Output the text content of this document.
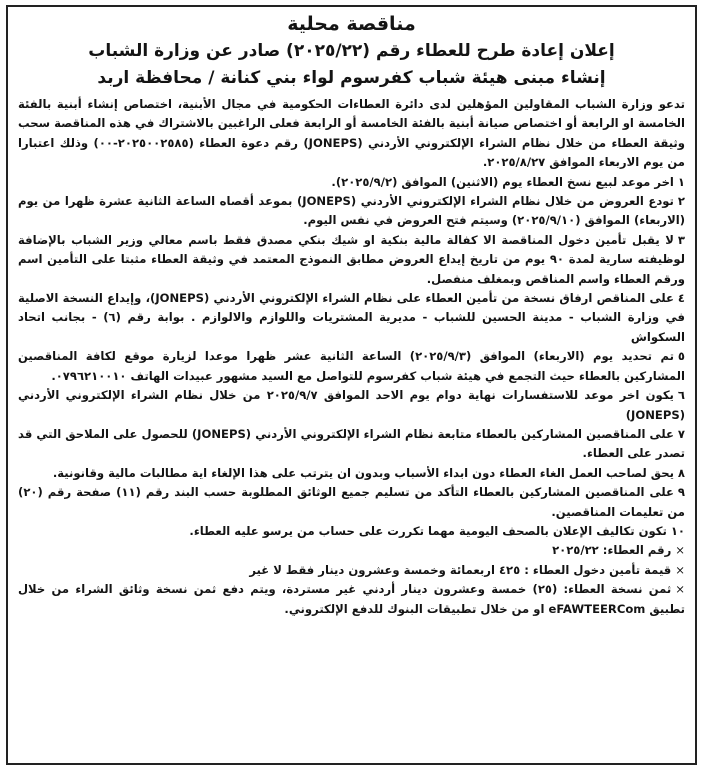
مناقصة محلية

إعلان إعادة طرح للعطاء رقم (٢٠٢٥/٢٢) صادر عن وزارة الشباب

إنشاء مبنى هيئة شباب كفرسوم لواء بني كنانة / محافظة اربد

تدعو وزارة الشباب المقاولين المؤهلين لدى دائرة العطاءات الحكومية في مجال الأبنية، اختصاص إنشاء أبنية بالفئة الخامسة او الرابعة أو اختصاص صيانة أبنية بالفئة الخامسة أو الرابعة فعلى الراغبين بالاشتراك في هذه المناقصة سحب وثيقة العطاء من خلال نظام الشراء الإلكتروني الأردني (JONEPS) رقم دعوة العطاء (٢٠٢٥٠٠٢٥٨٥-٠٠) وذلك اعتبارا من يوم الاربعاء الموافق ٢٠٢٥/٨/٢٧.

١اخر موعد لبيع نسخ العطاء يوم (الاثنين) الموافق (٢٠٢٥/٩/٢).

٢تودع العروض من خلال نظام الشراء الإلكتروني الأردني (JONEPS) بموعد أقصاه الساعة الثانية عشرة ظهرا من يوم (الاربعاء) الموافق (٢٠٢٥/٩/١٠) وسيتم فتح العروض في نفس اليوم.

٣لا يقبل تأمين دخول المناقصة الا كفالة مالية بنكية او شيك بنكي مصدق فقط باسم معالي وزير الشباب بالإضافة لوظيفته سارية لمدة ٩٠ يوم من تاريخ إيداع العروض مطابق النموذج المعتمد في وثيقة العطاء مثبتا على التأمين اسم ورقم العطاء واسم المناقص وبمغلف منفصل.

٤على المناقص ارفاق نسخة من تأمين العطاء على نظام الشراء الإلكتروني الأردني (JONEPS)، وإيداع النسخة الاصلية في وزارة الشباب - مدينة الحسين للشباب - مديرية المشتريات واللوازم والالوازم . بوابة رقم (٦) - بجانب اتحاد السكواش

٥تم تحديد يوم (الاربعاء) الموافق (٢٠٢٥/٩/٣) الساعة الثانية عشر ظهرا موعدا لزيارة موقع لكافة المناقصين المشاركين بالعطاء حيث التجمع في هيئة شباب كفرسوم للتواصل مع السيد مشهور عبيدات الهاتف ٠٧٩٦٢١٠٠١٠.

٦يكون اخر موعد للاستفسارات نهاية دوام يوم الاحد الموافق ٢٠٢٥/٩/٧ من خلال نظام الشراء الإلكتروني الأردني (JONEPS)

٧على المناقصين المشاركين بالعطاء متابعة نظام الشراء الإلكتروني الأردني (JONEPS) للحصول على الملاحق التي قد تصدر على العطاء.

٨يحق لصاحب العمل الغاء العطاء دون ابداء الأسباب وبدون ان يترتب على هذا الإلغاء اية مطالبات مالية وقانونية.

٩على المناقصين المشاركين بالعطاء التأكد من تسليم جميع الوثائق المطلوبة حسب البند رقم (١١) صفحة رقم (٢٠) من تعليمات المناقصين.

١٠تكون تكاليف الإعلان بالصحف اليومية مهما تكررت على حساب من يرسو عليه العطاء.

×رقم العطاء: ٢٠٢٥/٢٢
×قيمة تأمين دخول العطاء : ٤٢٥ اربعمائة وخمسة وعشرون دينار فقط لا غير
×ثمن نسخة العطاء: (٢٥) خمسة وعشرون دينار أردني غير مستردة، ويتم دفع ثمن نسخة وثائق الشراء من خلال تطبيق eFAWTEERCom او من خلال تطبيقات البنوك للدفع الإلكتروني.
